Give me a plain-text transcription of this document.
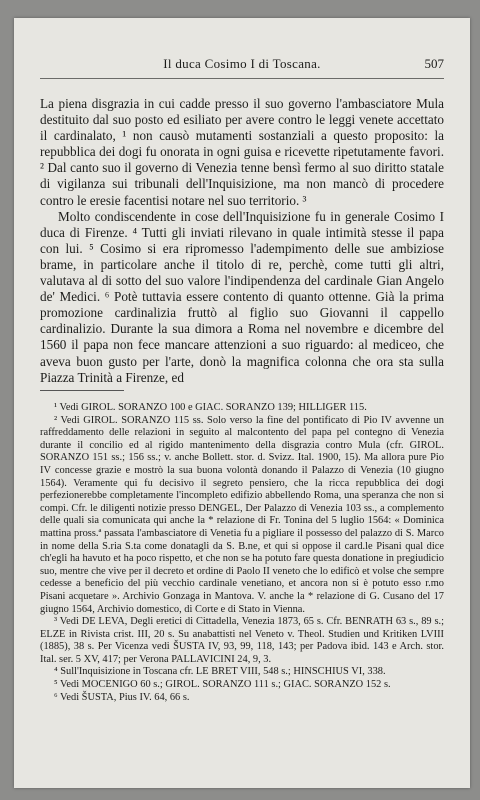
Il duca Cosimo I di Toscana.	507

La piena disgrazia in cui cadde presso il suo governo l'ambasciatore Mula destituito dal suo posto ed esiliato per avere contro le leggi venete accettato il cardinalato, ¹ non causò mutamenti sostanziali a questo proposito: la repubblica dei dogi fu onorata in ogni guisa e ricevette ripetutamente favori. ² Dal canto suo il governo di Venezia tenne bensì fermo al suo diritto statale di vigilanza sui tribunali dell'Inquisizione, ma non mancò di procedere contro le eresie facentisi notare nel suo territorio. ³

Molto condiscendente in cose dell'Inquisizione fu in generale Cosimo I duca di Firenze. ⁴ Tutti gli inviati rilevano in quale intimità stesse il papa con lui. ⁵ Cosimo si era ripromesso l'adempimento delle sue ambiziose brame, in particolare anche il titolo di re, perchè, come tutti gli altri, valutava al di sotto del suo valore l'indipendenza del cardinale Gian Angelo de' Medici. ⁶ Potè tuttavia essere contento di quanto ottenne. Già la prima promozione cardinalizia fruttò al figlio suo Giovanni il cappello cardinalizio. Durante la sua dimora a Roma nel novembre e dicembre del 1560 il papa non fece mancare attenzioni a suo riguardo: al mediceo, che aveva buon gusto per l'arte, donò la magnifica colonna che ora sta sulla Piazza Trinità a Firenze, ed

¹ Vedi GIROL. SORANZO 100 e GIAC. SORANZO 139; HILLIGER 115.

² Vedi GIROL. SORANZO 115 ss. Solo verso la fine del pontificato di Pio IV avvenne un raffreddamento delle relazioni in seguito al malcontento del papa pel contegno di Venezia durante il concilio ed al rigido mantenimento della disgrazia contro Mula (cfr. GIROL. SORANZO 151 ss.; 156 ss.; v. anche Bollett. stor. d. Svizz. Ital. 1900, 15). Ma allora pure Pio IV concesse grazie e mostrò la sua buona volontà donando il Palazzo di Venezia (10 giugno 1564). Veramente qui fu decisivo il segreto pensiero, che la ricca repubblica dei dogi perfezionerebbe completamente l'incompleto edifizio abbellendo Roma, una speranza che non si compì. Cfr. le diligenti notizie presso DENGEL, Der Palazzo di Venezia 103 ss., a complemento delle quali sia comunicata qui anche la * relazione di Fr. Tonina del 5 luglio 1564: « Dominica mattina pross.ª passata l'ambasciatore di Venetia fu a pigliare il possesso del palazzo di S. Marco in nome della S.ria S.ta come donatagli da S. B.ne, et qui si oppose il card.le Pisani qual dice ch'egli ha havuto et ha poco rispetto, et che non se ha potuto fare questa donatione in pregiudicio suo, mentre che vive per il decreto et ordine di Paolo II veneto che lo edificò et volse che sempre cedesse a beneficio del più vecchio cardinale venetiano, et ancora non si è potuto esso r.mo Pisani acquetare ». Archivio Gonzaga in Mantova. V. anche la * relazione di G. Cusano del 17 giugno 1564, Archivio domestico, di Corte e di Stato in Vienna.

³ Vedi DE LEVA, Degli eretici di Cittadella, Venezia 1873, 65 s. Cfr. BENRATH 63 s., 89 s.; ELZE in Rivista crist. III, 20 s. Su anabattisti nel Veneto v. Theol. Studien und Kritiken LVIII (1885), 38 s. Per Vicenza vedi ŠUSTA IV, 93, 99, 118, 143; per Padova ibid. 143 e Arch. stor. Ital. ser. 5 XV, 417; per Verona PALLAVICINI 24, 9, 3.

⁴ Sull'Inquisizione in Toscana cfr. LE BRET VIII, 548 s.; HINSCHIUS VI, 338.

⁵ Vedi MOCENIGO 60 s.; GIROL. SORANZO 111 s.; GIAC. SORANZO 152 s.

⁶ Vedi ŠUSTA, Pius IV. 64, 66 s.
